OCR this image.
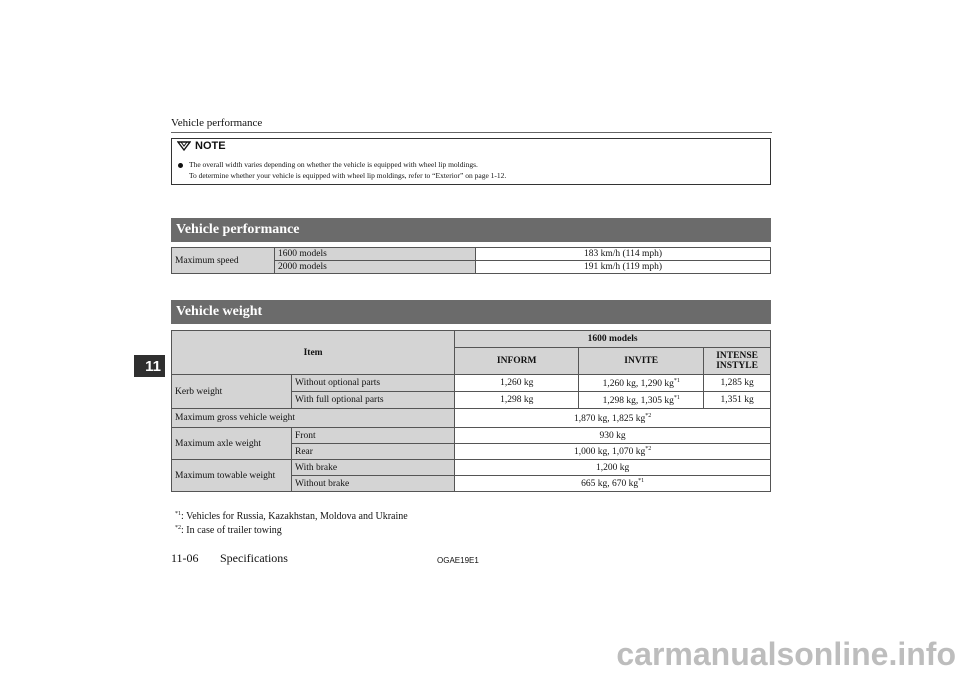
Vehicle performance
11
NOTE
The overall width varies depending on whether the vehicle is equipped with wheel lip moldings.
To determine whether your vehicle is equipped with wheel lip moldings, refer to “Exterior” on page 1-12.
Vehicle performance
Maximum speed	1600 models	183 km/h (114 mph)
	2000 models	191 km/h (119 mph)
Vehicle weight
Item		1600 models		
		INFORM	INVITE	INTENSE
INSTYLE
Kerb weight	Without optional parts	1,260 kg	1,260 kg, 1,290 $kg^{*1}$	1,285 kg
	With full optional parts	1,298 kg	1,298 kg, 1,305 $kg^{*1}$	1,351 kg
Maximum gross vehicle weight		1,870 kg, 1,825 $kg^{*2}$
Maximum axle weight	Front	930 kg		
	Rear	1,000 kg, 1,070 $kg^{*2}$
Maximum towable weight	With brake	1,200 kg		
	Without brake	665 kg, 670 $kg^{*1}$
$^{*1}$: Vehicles for Russia, Kazakhstan, Moldova and Ukraine
$^{*2}$: In case of trailer towing
11-06 Specifications	OGAE19E1
carmanualsonline.info
